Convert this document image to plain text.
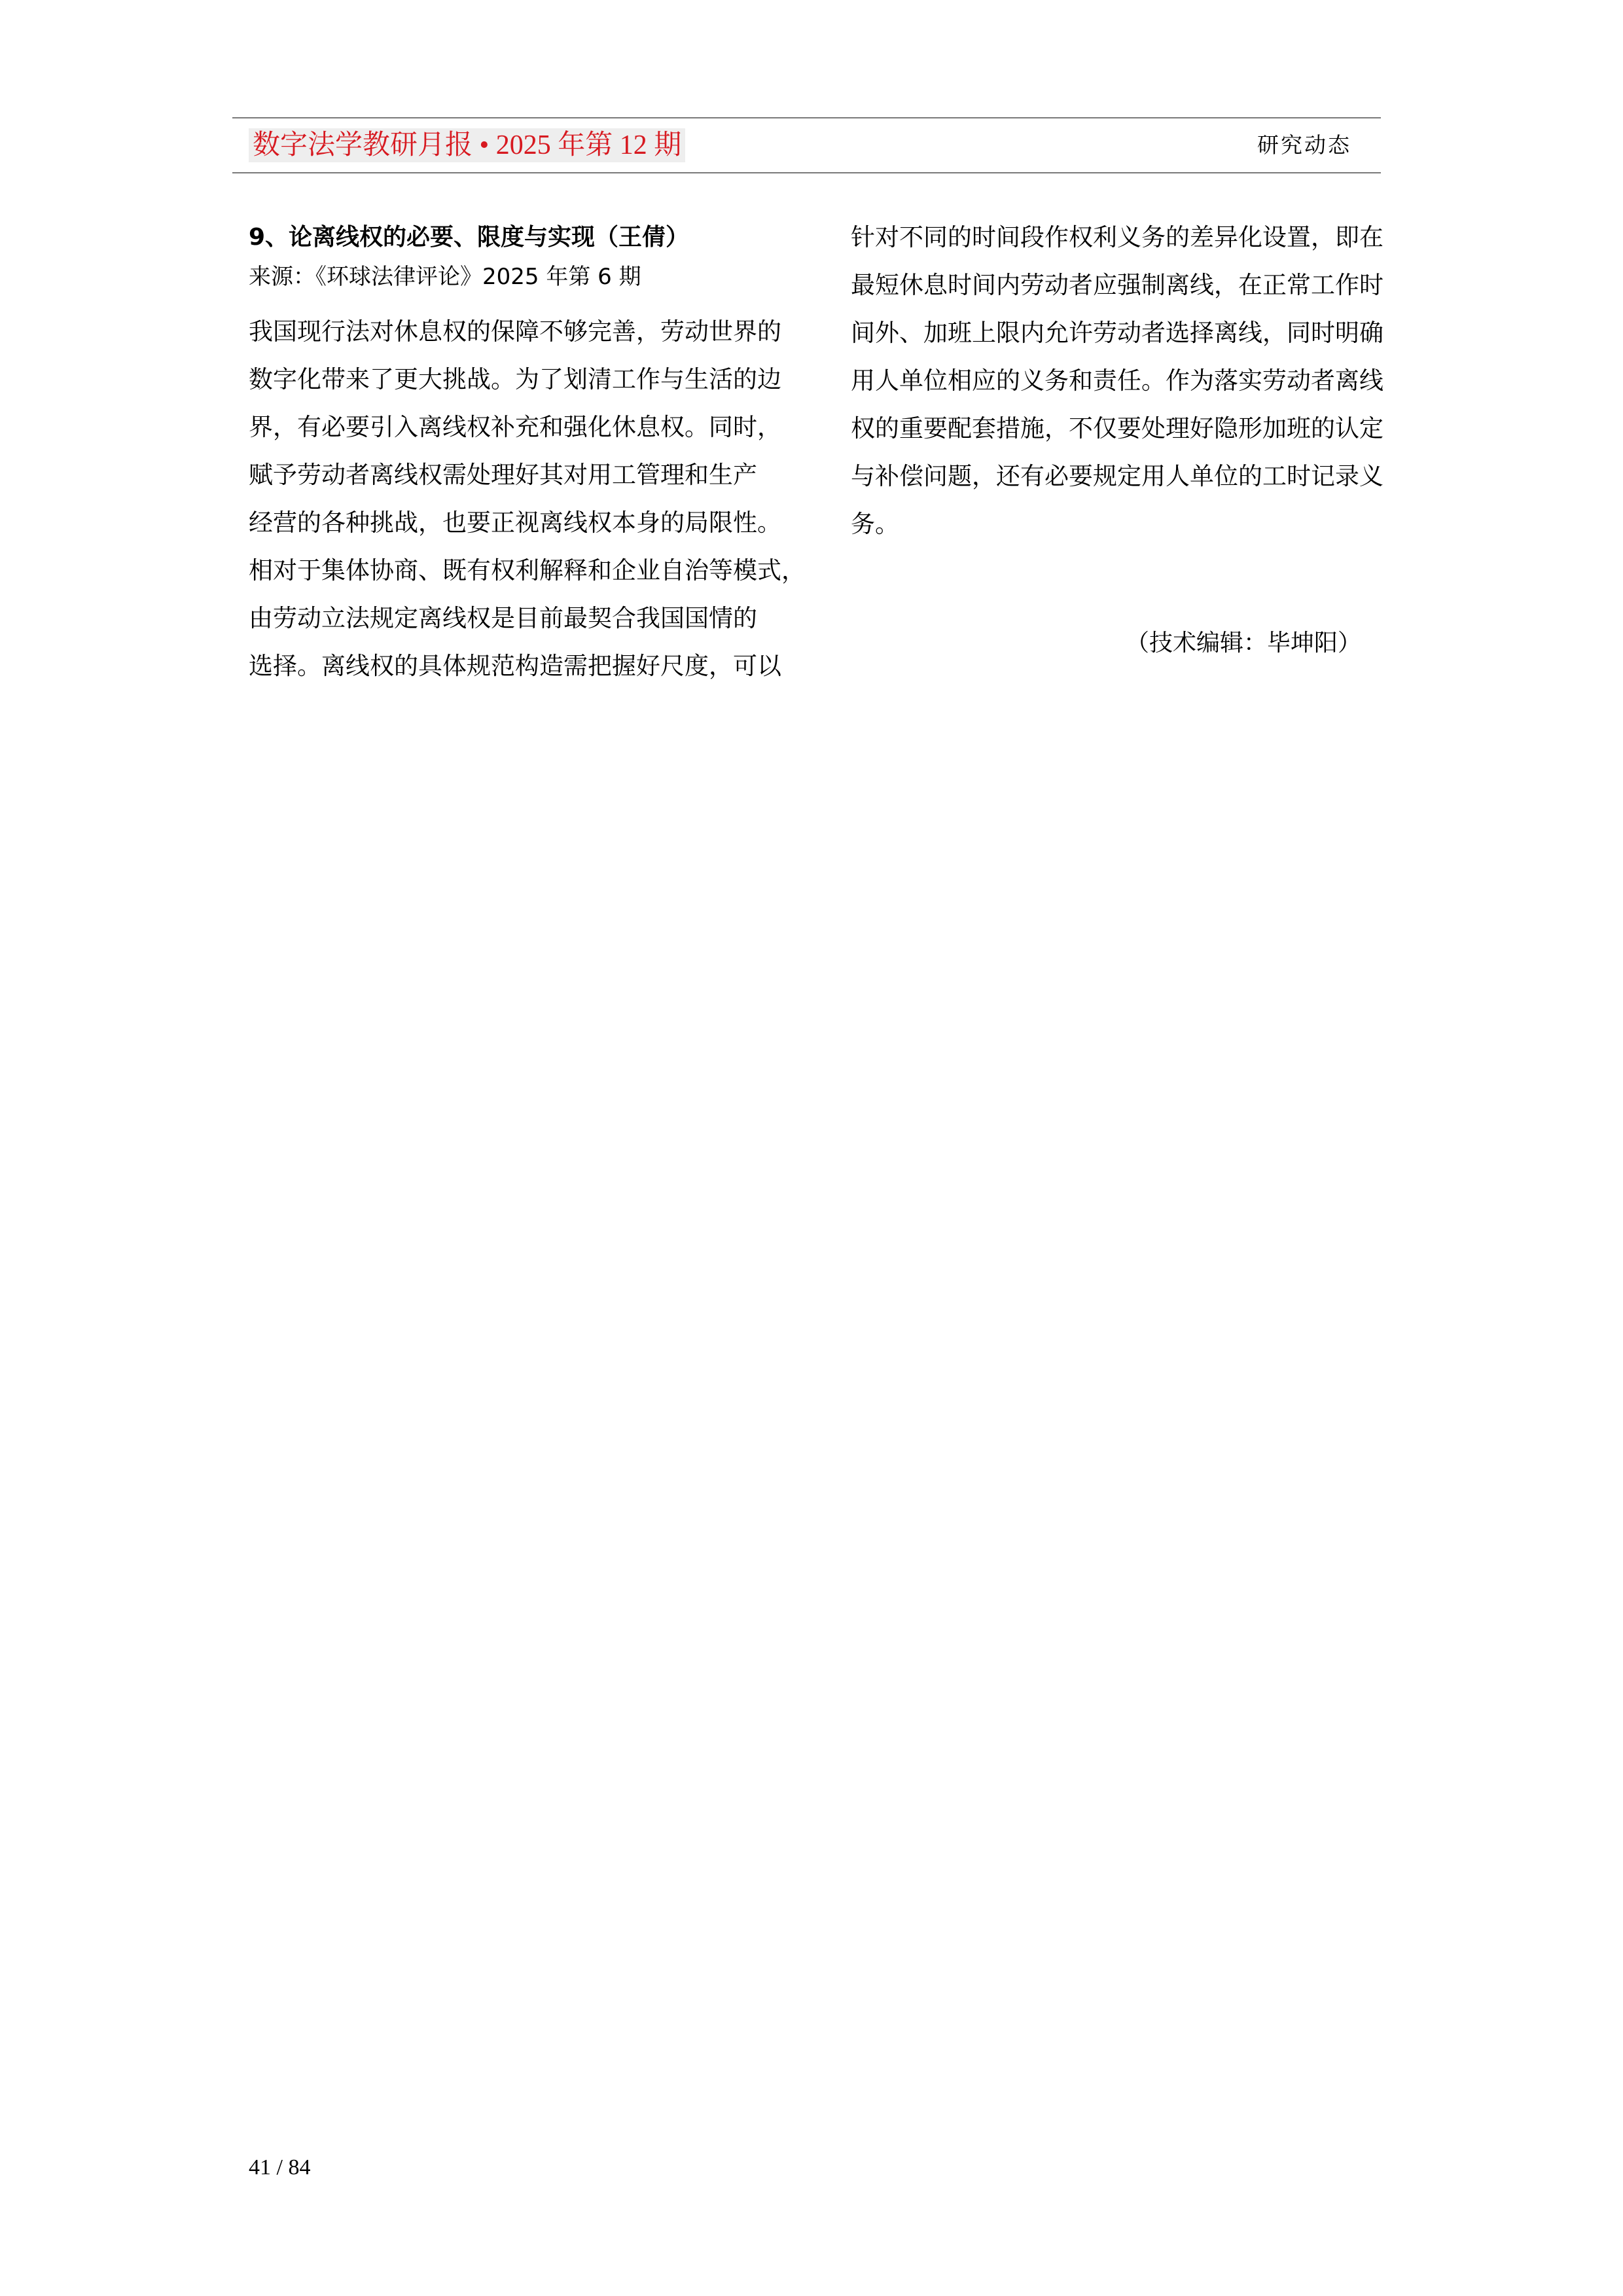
数字法学教研月报 • 2025 年第 12 期	研究动态
9、论离线权的必要、限度与实现（王倩）
来源：《环球法律评论》2025 年第 6 期
我国现行法对休息权的保障不够完善，劳动世界的
数字化带来了更大挑战。为了划清工作与生活的边
界，有必要引入离线权补充和强化休息权。同时，
赋予劳动者离线权需处理好其对用工管理和生产
经营的各种挑战，也要正视离线权本身的局限性。
相对于集体协商、既有权利解释和企业自治等模式，
由劳动立法规定离线权是目前最契合我国国情的
选择。离线权的具体规范构造需把握好尺度，可以
针对不同的时间段作权利义务的差异化设置，即在
最短休息时间内劳动者应强制离线，在正常工作时
间外、加班上限内允许劳动者选择离线，同时明确
用人单位相应的义务和责任。作为落实劳动者离线
权的重要配套措施，不仅要处理好隐形加班的认定
与补偿问题，还有必要规定用人单位的工时记录义
务。
（技术编辑：毕坤阳）
41 / 84
